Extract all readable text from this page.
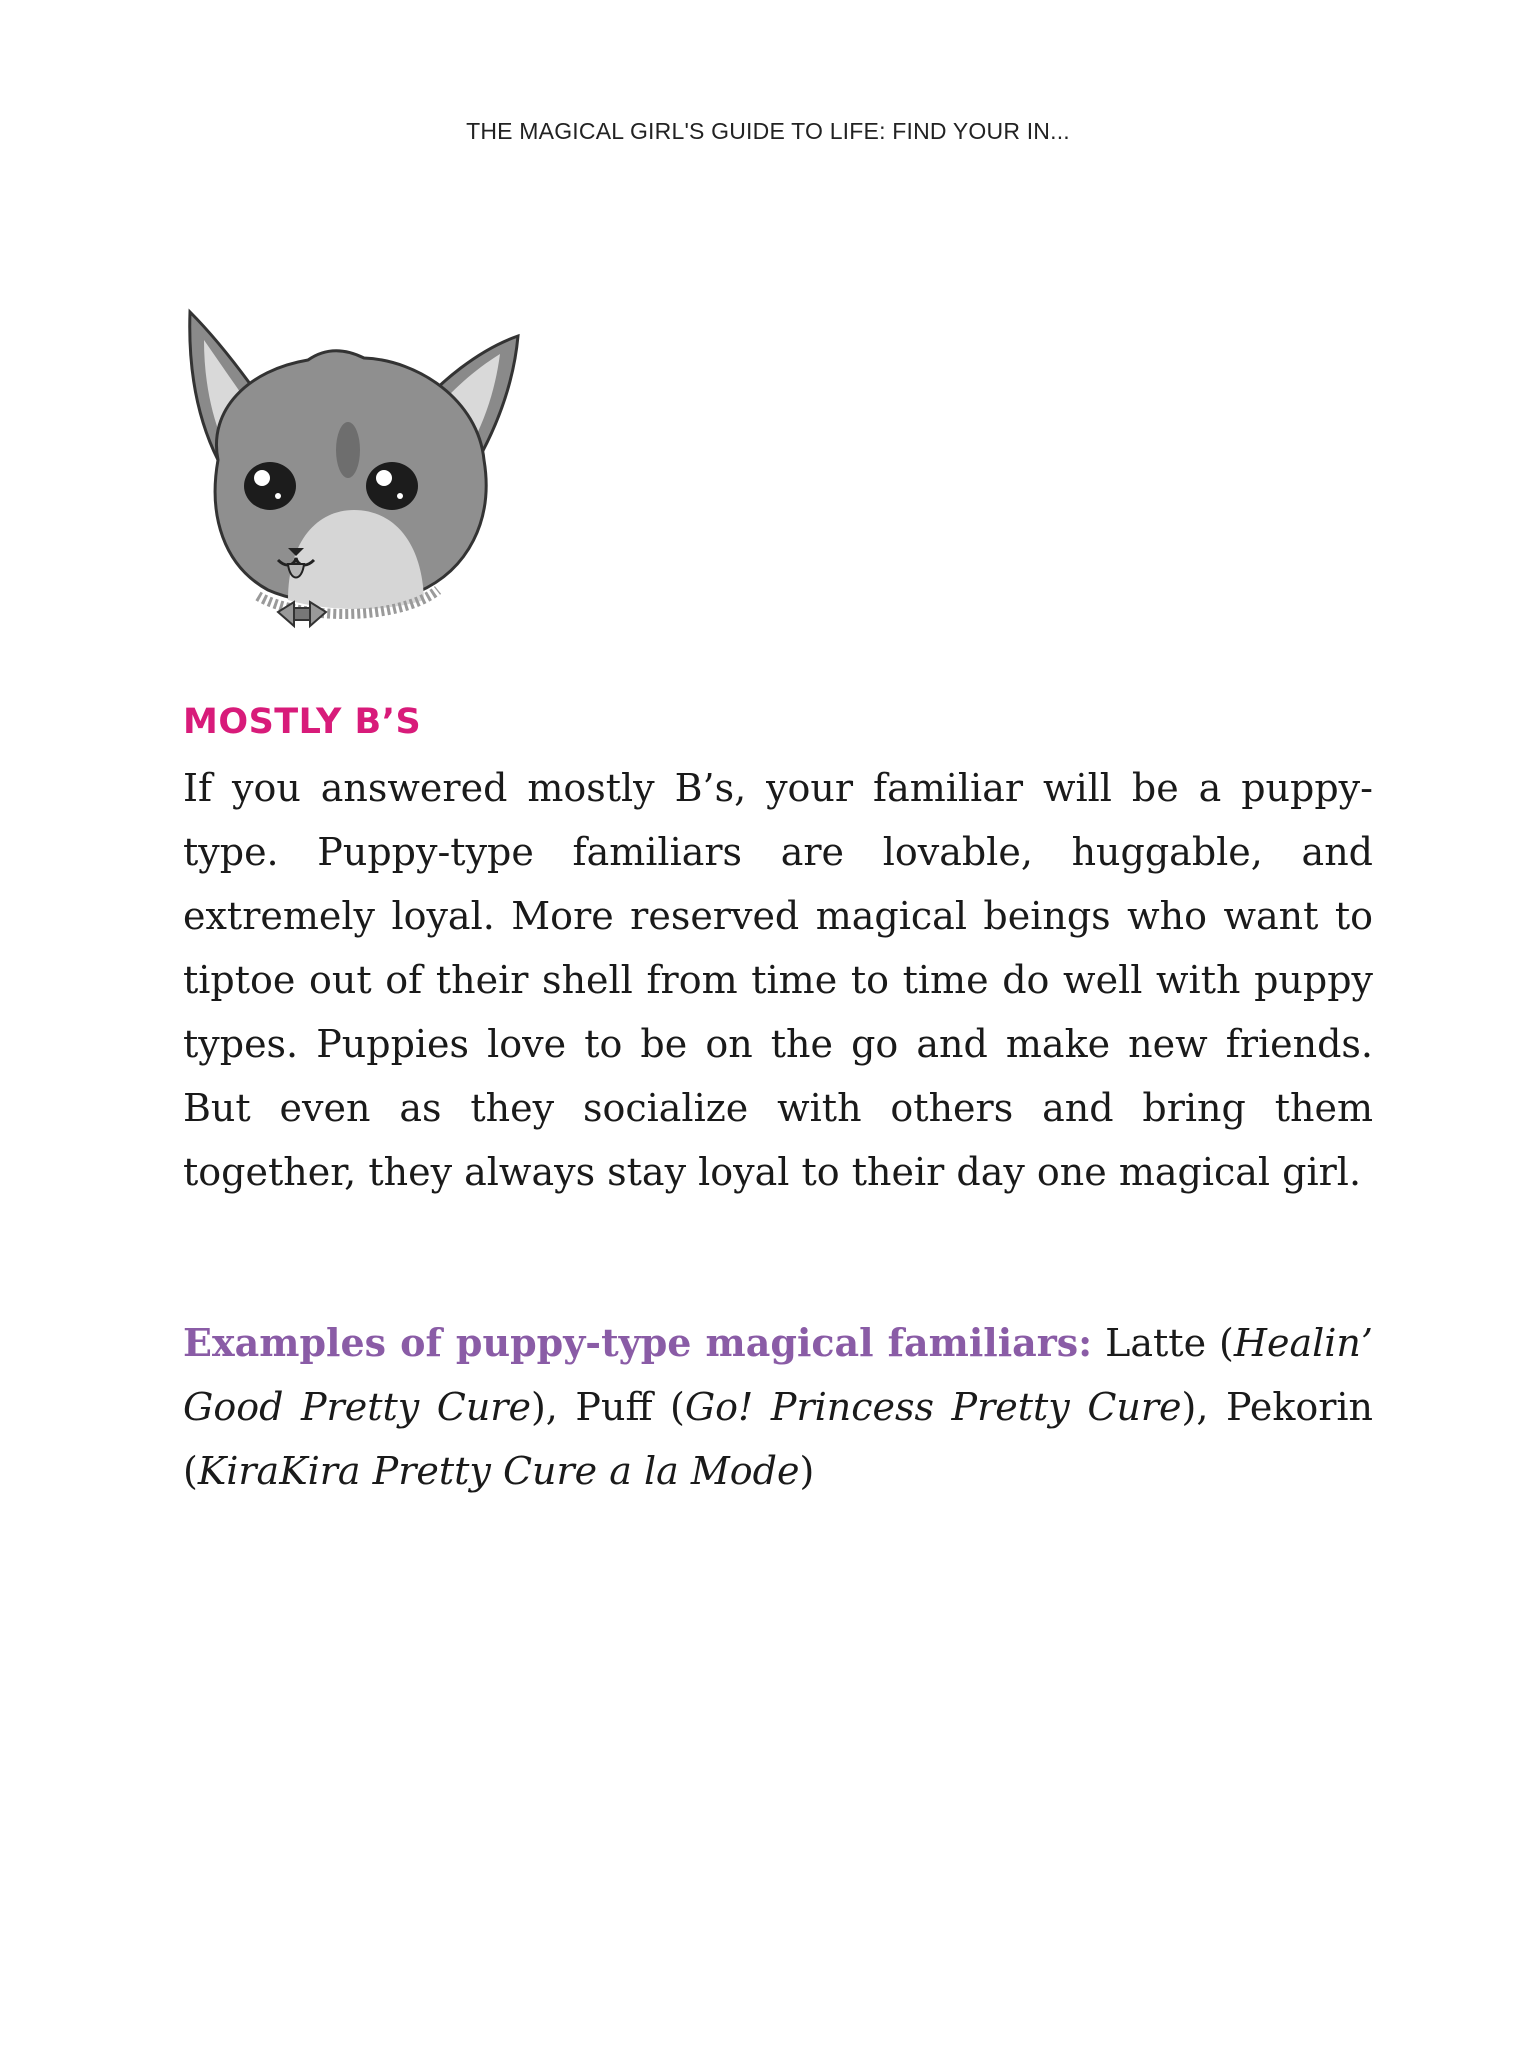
THE MAGICAL GIRL'S GUIDE TO LIFE: FIND YOUR IN...
MOSTLY B’S
If you answered mostly B’s, your familiar will be a puppy-type. Puppy-type familiars are lovable, huggable, and extremely loyal. More reserved magical beings who want to tiptoe out of their shell from time to time do well with puppy types. Puppies love to be on the go and make new friends. But even as they socialize with others and bring them together, they always stay loyal to their day one magical girl.
Examples of puppy-type magical familiars: Latte (Healin’ Good Pretty Cure), Puff (Go! Princess Pretty Cure), Pekorin (KiraKira Pretty Cure a la Mode)
